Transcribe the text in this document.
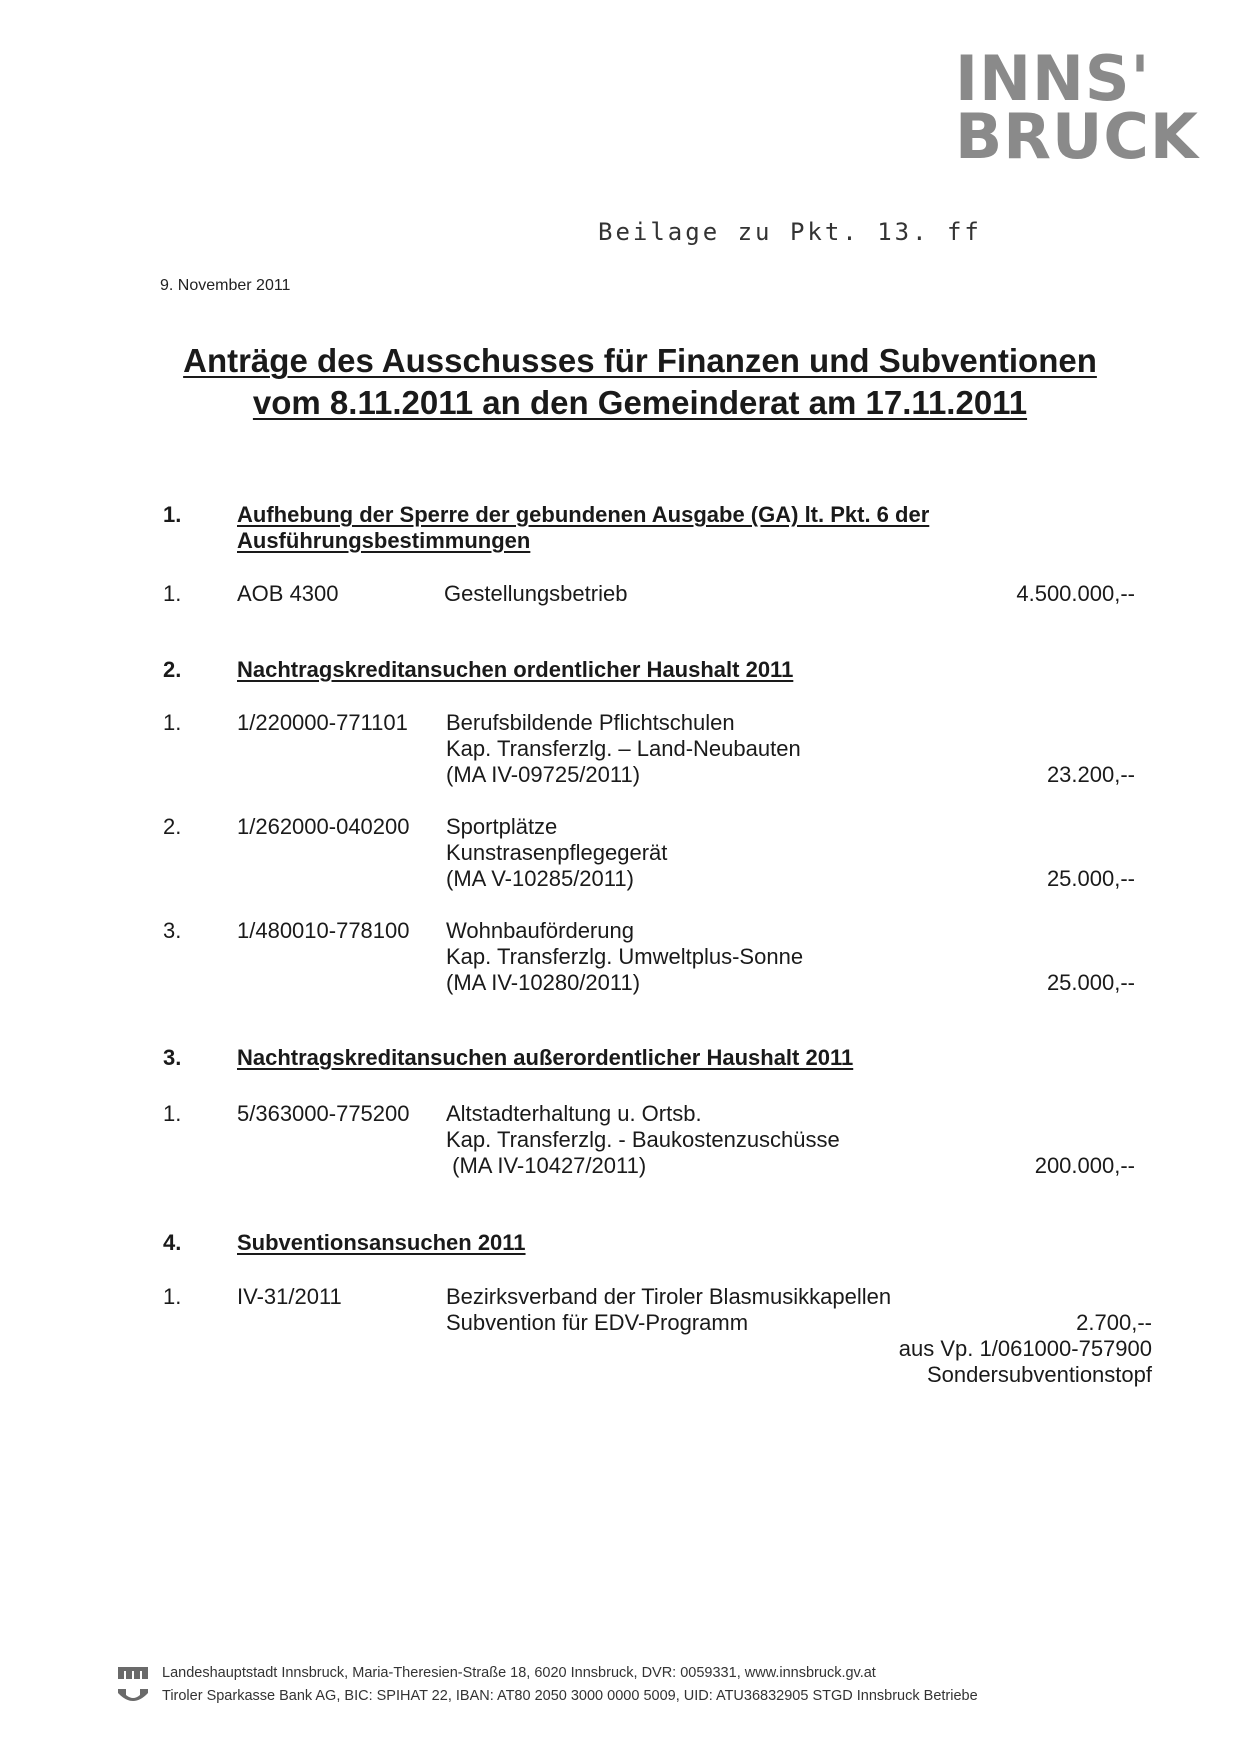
INNS'
BRUCK
Beilage zu Pkt. 13. ff
9. November 2011
Anträge des Ausschusses für Finanzen und Subventionen
vom 8.11.2011 an den Gemeinderat am 17.11.2011
1.	Aufhebung der Sperre der gebundenen Ausgabe (GA) lt. Pkt. 6 der Ausführungsbestimmungen
1.	AOB 4300	Gestellungsbetrieb	4.500.000,--
2.	Nachtragskreditansuchen ordentlicher Haushalt 2011
1.	1/220000-771101 Berufsbildende Pflichtschulen
Kap. Transferzlg. – Land-Neubauten
(MA IV-09725/2011)	23.200,--
2.	1/262000-040200 Sportplätze
Kunstrasenpflegegerät
(MA V-10285/2011)	25.000,--
3.	1/480010-778100 Wohnbauförderung
Kap. Transferzlg. Umweltplus-Sonne
(MA IV-10280/2011)	25.000,--
3.	Nachtragskreditansuchen außerordentlicher Haushalt 2011
1.	5/363000-775200 Altstadterhaltung u. Ortsb.
Kap. Transferzlg. - Baukostenzuschüsse
(MA IV-10427/2011)	200.000,--
4.	Subventionsansuchen 2011
1.	IV-31/2011	Bezirksverband der Tiroler Blasmusikkapellen
Subvention für EDV-Programm	2.700,--
aus Vp. 1/061000-757900
Sondersubventionstopf
Landeshauptstadt Innsbruck, Maria-Theresien-Straße 18, 6020 Innsbruck, DVR: 0059331, www.innsbruck.gv.at
Tiroler Sparkasse Bank AG, BIC: SPIHAT 22, IBAN: AT80 2050 3000 0000 5009, UID: ATU36832905 STGD Innsbruck Betriebe
